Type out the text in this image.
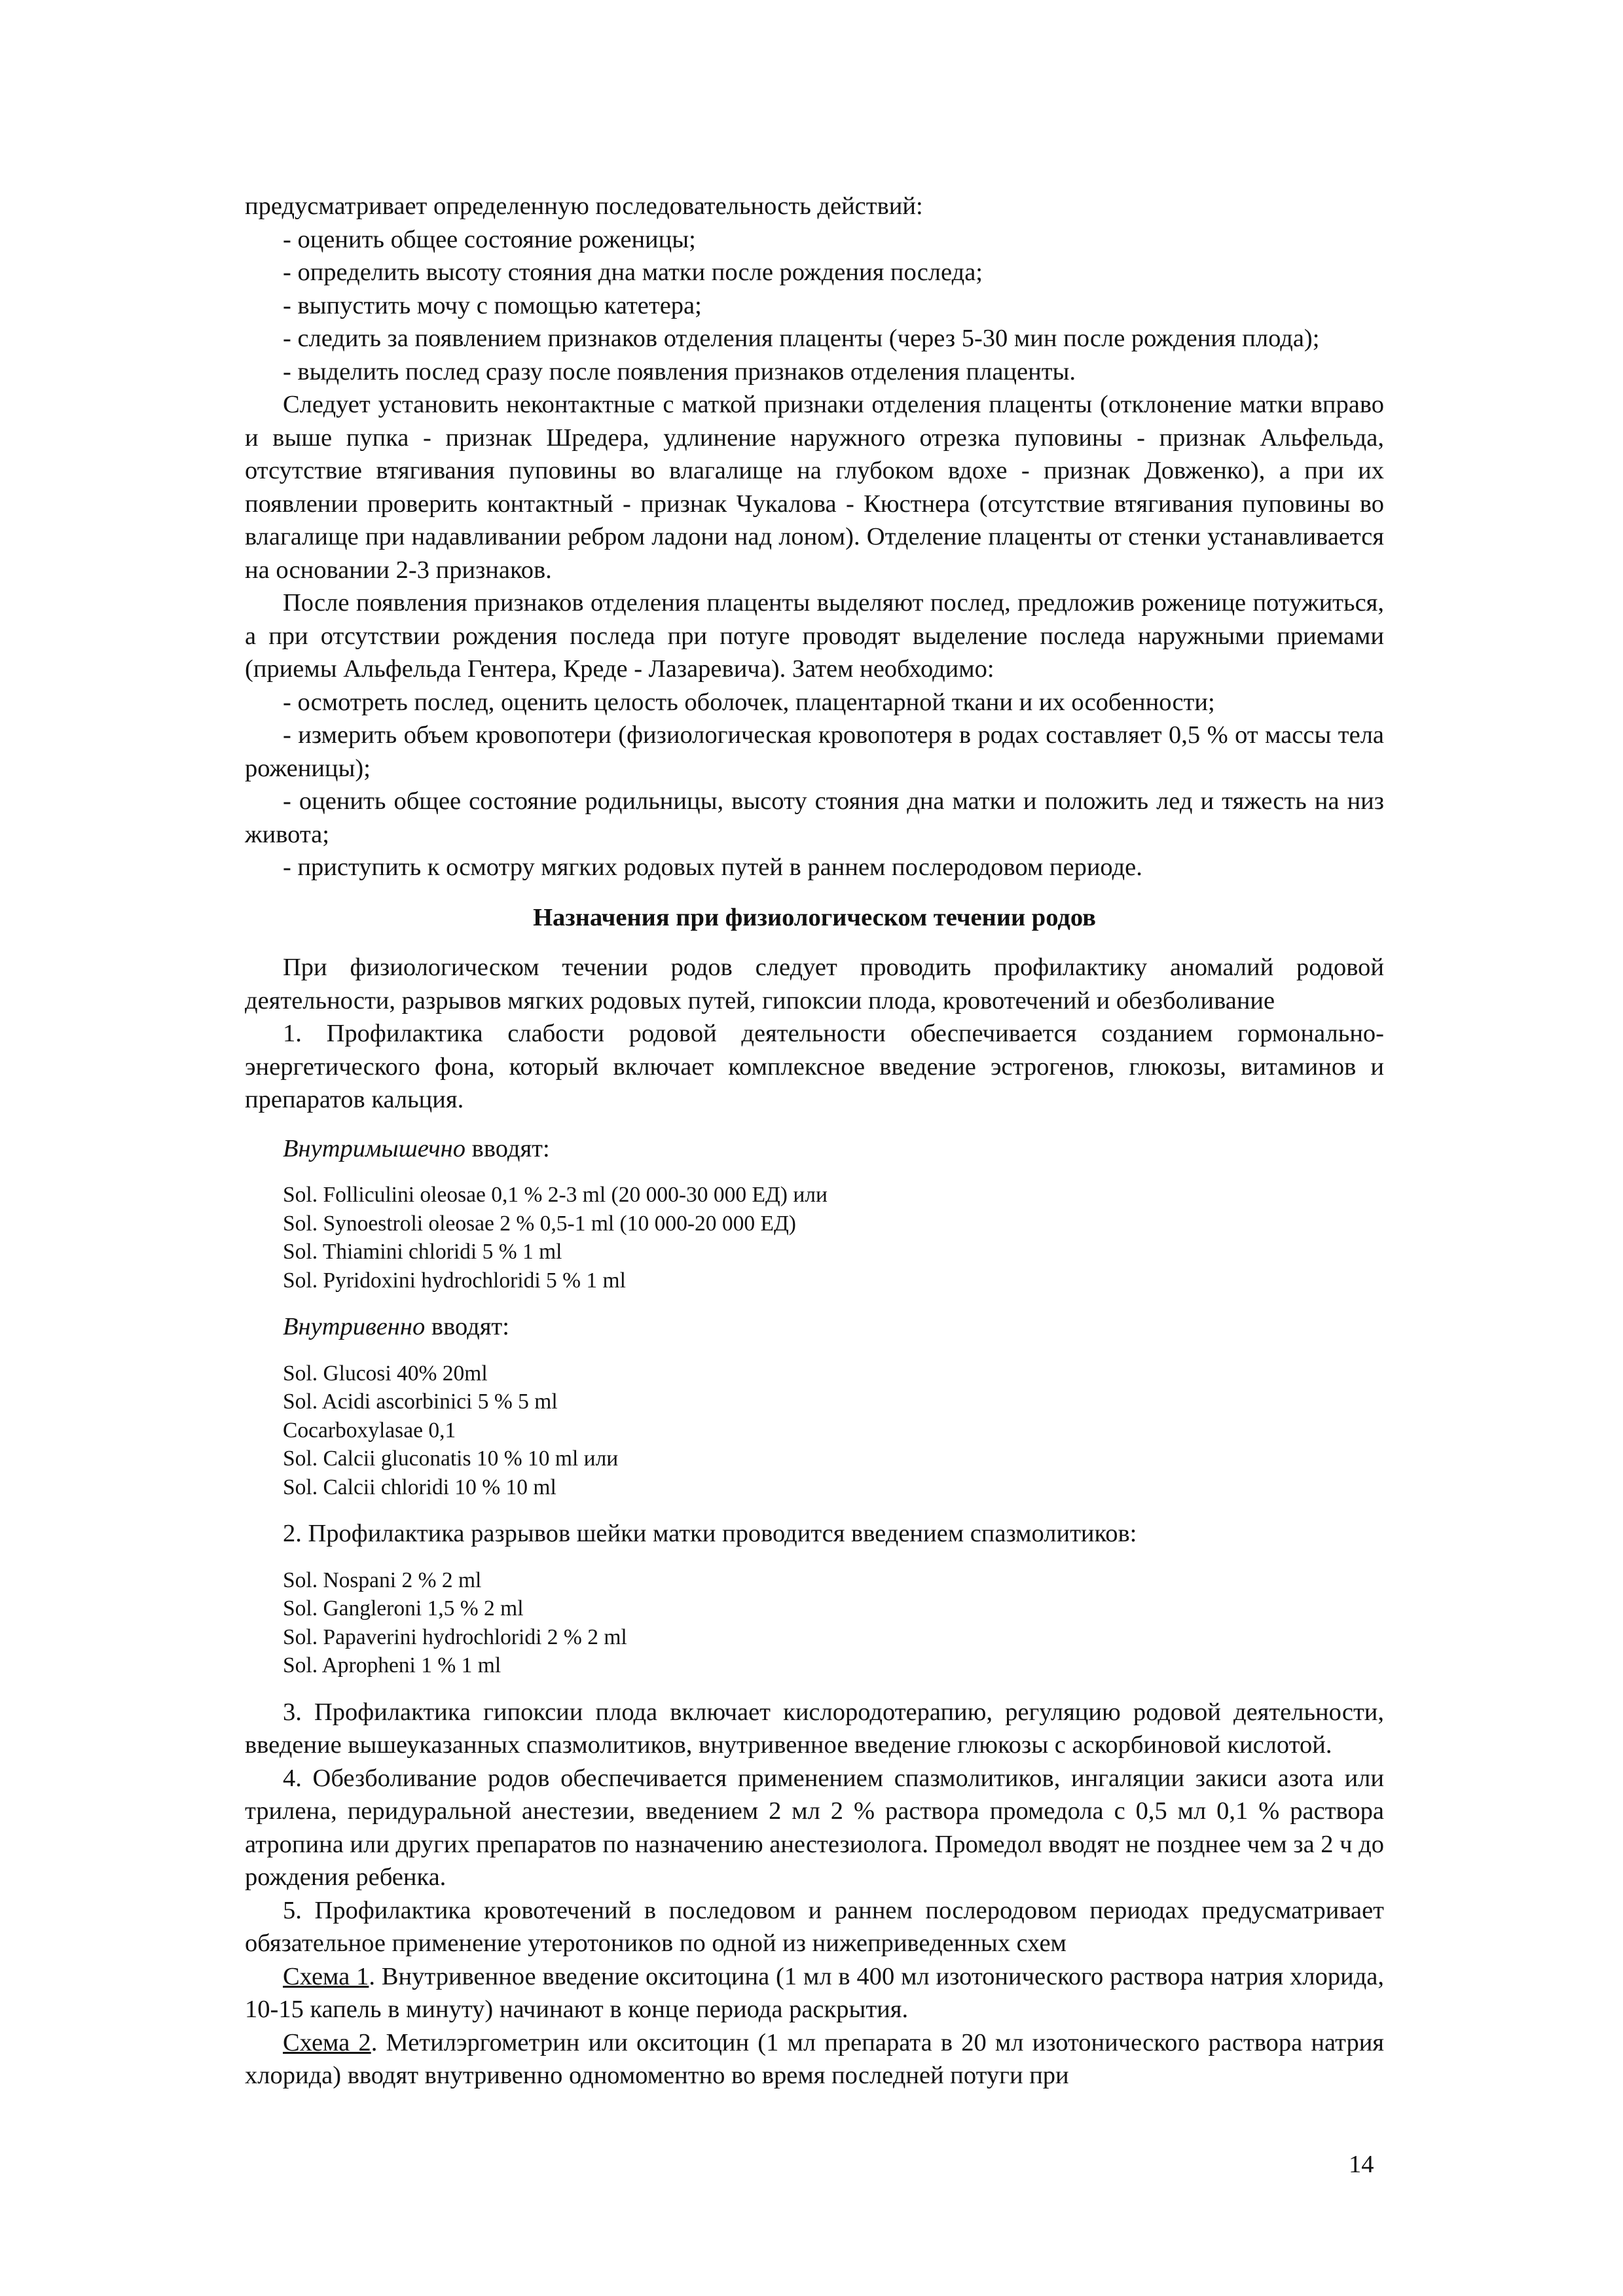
предусматривает определенную последовательность действий:

- оценить общее состояние роженицы;

- определить высоту стояния дна матки после рождения последа;

- выпустить мочу с помощью катетера;

- следить за появлением признаков отделения плаценты (через 5-30 мин после рождения плода);

- выделить послед сразу после появления признаков отделения плаценты.

Следует установить неконтактные с маткой признаки отделения плаценты (отклонение матки вправо и выше пупка - признак Шредера, удлинение наружного отрезка пуповины - признак Альфельда, отсутствие втягивания пуповины во влагалище на глубоком вдохе - признак Довженко), а при их появлении проверить контактный - признак Чукалова - Кюстнера (отсутствие втягивания пуповины во влагалище при надавливании ребром ладони над лоном). Отделение плаценты от стенки устанавливается на основании 2-3 признаков.

После появления признаков отделения плаценты выделяют послед, предложив роженице потужиться, а при отсутствии рождения последа при потуге проводят выделение последа наружными приемами (приемы Альфельда Гентера, Креде - Лазаревича). Затем необходимо:

- осмотреть послед, оценить целость оболочек, плацентарной ткани и их особенности;

- измерить объем кровопотери (физиологическая кровопотеря в родах составляет 0,5 % от массы тела роженицы);

- оценить общее состояние родильницы, высоту стояния дна матки и положить лед и тяжесть на низ живота;

- приступить к осмотру мягких родовых путей в раннем послеродовом периоде.

Назначения при физиологическом течении родов

При физиологическом течении родов следует проводить профилактику аномалий родовой деятельности, разрывов мягких родовых путей, гипоксии плода, кровотечений и обезболивание

1. Профилактика слабости родовой деятельности обеспечивается созданием гормонально-энергетического фона, который включает комплексное введение эстрогенов, глюкозы, витаминов и препаратов кальция.

Внутримышечно вводят:

Sol. Folliculini oleosae 0,1 % 2-3 ml (20 000-30 000 ЕД) или
Sol. Synoestroli oleosae 2 % 0,5-1 ml (10 000-20 000 ЕД)
Sol. Thiamini chloridi 5 % 1 ml
Sol. Pyridoxini hydrochloridi 5 % 1 ml

Внутривенно вводят:

Sol. Glucosi 40% 20ml
Sol. Acidi ascorbinici 5 % 5 ml
Cocarboxylasae 0,1
Sol. Calcii gluconatis 10 % 10 ml или
Sol. Calcii chloridi 10 % 10 ml

2. Профилактика разрывов шейки матки проводится введением спазмолитиков:

Sol. Nospani 2 % 2 ml
Sol. Gangleroni 1,5 % 2 ml
Sol. Papaverini hydrochloridi 2 % 2 ml
Sol. Apropheni 1 % 1 ml

3. Профилактика гипоксии плода включает кислородотерапию, регуляцию родовой деятельности, введение вышеуказанных спазмолитиков, внутривенное введение глюкозы с аскорбиновой кислотой.

4. Обезболивание родов обеспечивается применением спазмолитиков, ингаляции закиси азота или трилена, перидуральной анестезии, введением 2 мл 2 % раствора промедола с 0,5 мл 0,1 % раствора атропина или других препаратов по назначению анестезиолога. Промедол вводят не позднее чем за 2 ч до рождения ребенка.

5. Профилактика кровотечений в последовом и раннем послеродовом периодах предусматривает обязательное применение утеротоников по одной из нижеприведенных схем

Схема 1. Внутривенное введение окситоцина (1 мл в 400 мл изотонического раствора натрия хлорида, 10-15 капель в минуту) начинают в конце периода раскрытия.

Схема 2. Метилэргометрин или окситоцин (1 мл препарата в 20 мл изотонического раствора натрия хлорида) вводят внутривенно одномоментно во время последней потуги при

14
